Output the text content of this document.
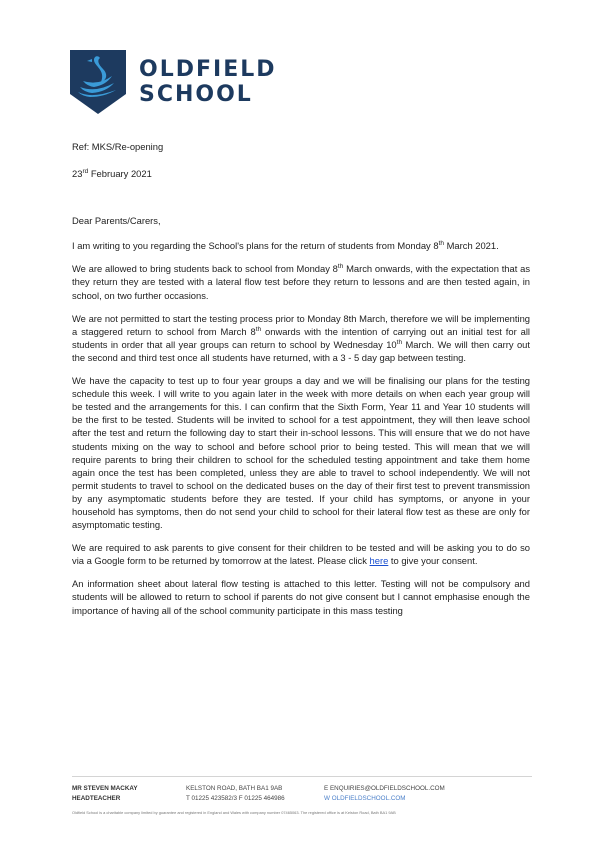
OLDFIELD
SCHOOL

Ref: MKS/Re-opening

23rd February 2021

Dear Parents/Carers,

I am writing to you regarding the School's plans for the return of students from Monday 8th March 2021.

We are allowed to bring students back to school from Monday 8th March onwards, with the expectation that as they return they are tested with a lateral flow test before they return to lessons and are then tested again, in school, on two further occasions.

We are not permitted to start the testing process prior to Monday 8th March, therefore we will be implementing a staggered return to school from March 8th onwards with the intention of carrying out an initial test for all students in order that all year groups can return to school by Wednesday 10th March. We will then carry out the second and third test once all students have returned, with a 3 - 5 day gap between testing.

We have the capacity to test up to four year groups a day and we will be finalising our plans for the testing schedule this week. I will write to you again later in the week with more details on when each year group will be tested and the arrangements for this. I can confirm that the Sixth Form, Year 11 and Year 10 students will be the first to be tested. Students will be invited to school for a test appointment, they will then leave school after the test and return the following day to start their in-school lessons. This will ensure that we do not have students mixing on the way to school and before school prior to being tested. This will mean that we will require parents to bring their children to school for the scheduled testing appointment and take them home again once the test has been completed, unless they are able to travel to school independently. We will not permit students to travel to school on the dedicated buses on the day of their first test to prevent transmission by any asymptomatic students before they are tested. If your child has symptoms, or anyone in your household has symptoms, then do not send your child to school for their lateral flow test as these are only for asymptomatic testing.

We are required to ask parents to give consent for their children to be tested and will be asking you to do so via a Google form to be returned by tomorrow at the latest. Please click here to give your consent.

An information sheet about lateral flow testing is attached to this letter. Testing will not be compulsory and students will be allowed to return to school if parents do not give consent but I cannot emphasise enough the importance of having all of the school community participate in this mass testing

MR STEVEN MACKAY
HEADTEACHER
KELSTON ROAD, BATH BA1 9AB
T 01225 423582/3 F 01225 464986
E ENQUIRIES@OLDFIELDSCHOOL.COM
W OLDFIELDSCHOOL.COM
Oldfield School is a charitable company limited by guarantee and registered in England and Wales with company number 07465063. The registered office is at Kelston Road, Bath BA1 9AB
